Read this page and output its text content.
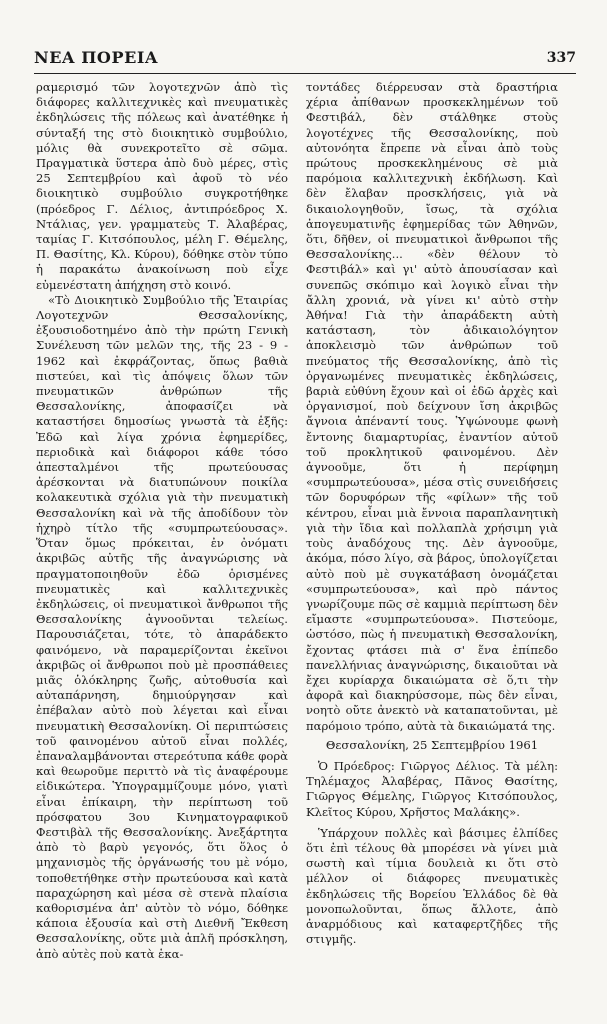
ΝΕΑ ΠΟΡΕΙΑ	337

ραμερισμό τῶν λογοτεχνῶν ἀπὸ τὶς διάφορες καλλιτεχνικὲς καὶ πνευματικὲς ἐκδηλώσεις τῆς πόλεως καὶ ἀνατέθηκε ἡ σύνταξή της στὸ διοικητικὸ συμβούλιο, μόλις θὰ συνεκροτεῖτο σὲ σῶμα. Πραγματικὰ ὕστερα ἀπὸ δυὸ μέρες, στὶς 25 Σεπτεμβρίου καὶ ἀφοῦ τὸ νέο διοικητικὸ συμβούλιο συγκροτήθηκε (πρόεδρος Γ. Δέλιος, ἀντιπρόεδρος Χ. Ντάλιας, γεν. γραμματεὺς Τ. Ἀλαβέρας, ταμίας Γ. Κιτσόπουλος, μέλη Γ. Θέμελης, Π. Θασίτης, Κλ. Κύρου), δόθηκε στὸν τύπο ἡ παρακάτω ἀνακοίνωση ποὺ εἶχε εὐμενέστατη ἀπήχηση στὸ κοινό.

«Τὸ Διοικητικὸ Συμβούλιο τῆς Ἑταιρίας Λογοτεχνῶν Θεσσαλονίκης, ἐξουσιοδοτημένο ἀπὸ τὴν πρώτη Γενικὴ Συνέλευση τῶν μελῶν της, τῆς 23 - 9 - 1962 καὶ ἐκφράζοντας, ὅπως βαθιὰ πιστεύει, καὶ τὶς ἀπόψεις ὅλων τῶν πνευματικῶν ἀνθρώπων τῆς Θεσσαλονίκης, ἀποφασίζει νὰ καταστήσει δημοσίως γνωστὰ τὰ ἑξῆς: Ἐδῶ καὶ λίγα χρόνια ἐφημερίδες, περιοδικὰ καὶ διάφοροι κάθε τόσο ἀπεσταλμένοι τῆς πρωτεύουσας ἀρέσκονται νὰ διατυπώνουν ποικίλα κολακευτικὰ σχόλια γιὰ τὴν πνευματικὴ Θεσσαλονίκη καὶ νὰ τῆς ἀποδίδουν τὸν ἠχηρὸ τίτλο τῆς «συμπρωτεύουσας». Ὅταν ὅμως πρόκειται, ἐν ὀνόματι ἀκριβῶς αὐτῆς τῆς ἀναγνώρισης νὰ πραγματοποιηθοῦν ἐδῶ ὁρισμένες πνευματικὲς καὶ καλλιτεχνικὲς ἐκδηλώσεις, οἱ πνευματικοὶ ἄνθρωποι τῆς Θεσσαλονίκης ἀγνοοῦνται τελείως. Παρουσιάζεται, τότε, τὸ ἀπαράδεκτο φαινόμενο, νὰ παραμερίζονται ἐκεῖνοι ἀκριβῶς οἱ ἄνθρωποι ποὺ μὲ προσπάθειες μιᾶς ὁλόκληρης ζωῆς, αὐτοθυσία καὶ αὐταπάρνηση, δημιούργησαν καὶ ἐπέβαλαν αὐτὸ ποὺ λέγεται καὶ εἶναι πνευματικὴ Θεσσαλονίκη. Οἱ περιπτώσεις τοῦ φαινομένου αὐτοῦ εἶναι πολλές, ἐπαναλαμβάνονται στερεότυπα κάθε φορὰ καὶ θεωροῦμε περιττὸ νὰ τὶς ἀναφέρουμε εἰδικώτερα. Ὑπογραμμίζουμε μόνο, γιατὶ εἶναι ἐπίκαιρη, τὴν περίπτωση τοῦ πρόσφατου 3ου Κινηματογραφικοῦ Φεστιβὰλ τῆς Θεσσαλονίκης. Ἀνεξάρτητα ἀπὸ τὸ βαρὺ γεγονός, ὅτι ὅλος ὁ μηχανισμὸς τῆς ὀργάνωσής του μὲ νόμο, τοποθετήθηκε στὴν πρωτεύουσα καὶ κατὰ παραχώρηση καὶ μέσα σὲ στενὰ πλαίσια καθορισμένα ἀπ' αὐτὸν τὸ νόμο, δόθηκε κάποια ἐξουσία καὶ στὴ Διεθνῆ Ἔκθεση Θεσσαλονίκης, οὔτε μιὰ ἁπλῆ πρόσκληση, ἀπὸ αὐτὲς ποὺ κατὰ ἑκα-

τοντάδες διέρρευσαν στὰ δραστήρια χέρια ἀπίθανων προσκεκλημένων τοῦ Φεστιβάλ, δὲν στάλθηκε στοὺς λογοτέχνες τῆς Θεσσαλονίκης, ποὺ αὐτονόητα ἔπρεπε νὰ εἶναι ἀπὸ τοὺς πρώτους προσκεκλημένους σὲ μιὰ παρόμοια καλλιτεχνικὴ ἐκδήλωση. Καὶ δὲν ἔλαβαν προσκλήσεις, γιὰ νὰ δικαιολογηθοῦν, ἴσως, τὰ σχόλια ἀπογευματινῆς ἐφημερίδας τῶν Ἀθηνῶν, ὅτι, δῆθεν, οἱ πνευματικοὶ ἄνθρωποι τῆς Θεσσαλονίκης... «δὲν θέλουν τὸ Φεστιβάλ» καὶ γι' αὐτὸ ἀπουσίασαν καὶ συνεπῶς σκόπιμο καὶ λογικὸ εἶναι τὴν ἄλλη χρονιά, νὰ γίνει κι' αὐτὸ στὴν Ἀθήνα! Γιὰ τὴν ἀπαράδεκτη αὐτὴ κατάσταση, τὸν ἀδικαιολόγητον ἀποκλεισμὸ τῶν ἀνθρώπων τοῦ πνεύματος τῆς Θεσσαλονίκης, ἀπὸ τὶς ὀργανωμένες πνευματικὲς ἐκδηλώσεις, βαριὰ εὐθύνη ἔχουν καὶ οἱ ἐδῶ ἀρχὲς καὶ ὀργανισμοί, ποὺ δείχνουν ἴση ἀκριβῶς ἄγνοια ἀπέναντί τους. Ὑψώνουμε φωνὴ ἔντονης διαμαρτυρίας, ἐναντίον αὐτοῦ τοῦ προκλητικοῦ φαινομένου. Δὲν ἀγνοοῦμε, ὅτι ἡ περίφημη «συμπρωτεύουσα», μέσα στὶς συνειδήσεις τῶν δορυφόρων τῆς «φίλων» τῆς τοῦ κέντρου, εἶναι μιὰ ἔννοια παραπλανητικὴ γιὰ τὴν ἴδια καὶ πολλαπλὰ χρήσιμη γιὰ τοὺς ἀναδόχους της. Δὲν ἀγνοοῦμε, ἀκόμα, πόσο λίγο, σὰ βάρος, ὑπολογίζεται αὐτὸ ποὺ μὲ συγκατάβαση ὀνομάζεται «συμπρωτεύουσα», καὶ πρὸ πάντος γνωρίζουμε πῶς σὲ καμμιὰ περίπτωση δὲν εἴμαστε «συμπρωτεύουσα». Πιστεύομε, ὡστόσο, πὼς ἡ πνευματικὴ Θεσσαλονίκη, ἔχοντας φτάσει πιὰ σ' ἕνα ἐπίπεδο πανελλήνιας ἀναγνώρισης, δικαιοῦται νὰ ἔχει κυρίαρχα δικαιώματα σὲ ὅ,τι τὴν ἀφορᾶ καὶ διακηρύσσομε, πὼς δὲν εἶναι, νοητὸ οὔτε ἀνεκτὸ νὰ καταπατοῦνται, μὲ παρόμοιο τρόπο, αὐτὰ τὰ δικαιώματά της.

Θεσσαλονίκη, 25 Σεπτεμβρίου 1961

Ὁ Πρόεδρος: Γιῶργος Δέλιος. Τὰ μέλη: Τηλέμαχος Ἀλαβέρας, Πᾶνος Θασίτης, Γιῶργος Θέμελης, Γιῶργος Κιτσόπουλος, Κλεῖτος Κύρου, Χρῆστος Μαλάκης».

Ὑπάρχουν πολλὲς καὶ βάσιμες ἐλπίδες ὅτι ἐπὶ τέλους θὰ μπορέσει νὰ γίνει μιὰ σωστὴ καὶ τίμια δουλειὰ κι ὅτι στὸ μέλλον οἱ διάφορες πνευματικὲς ἐκδηλώσεις τῆς Βορείου Ἑλλάδος δὲ θὰ μονοπωλοῦνται, ὅπως ἄλλοτε, ἀπὸ ἀναρμόδιους καὶ καταφερτζῆδες τῆς στιγμῆς.
